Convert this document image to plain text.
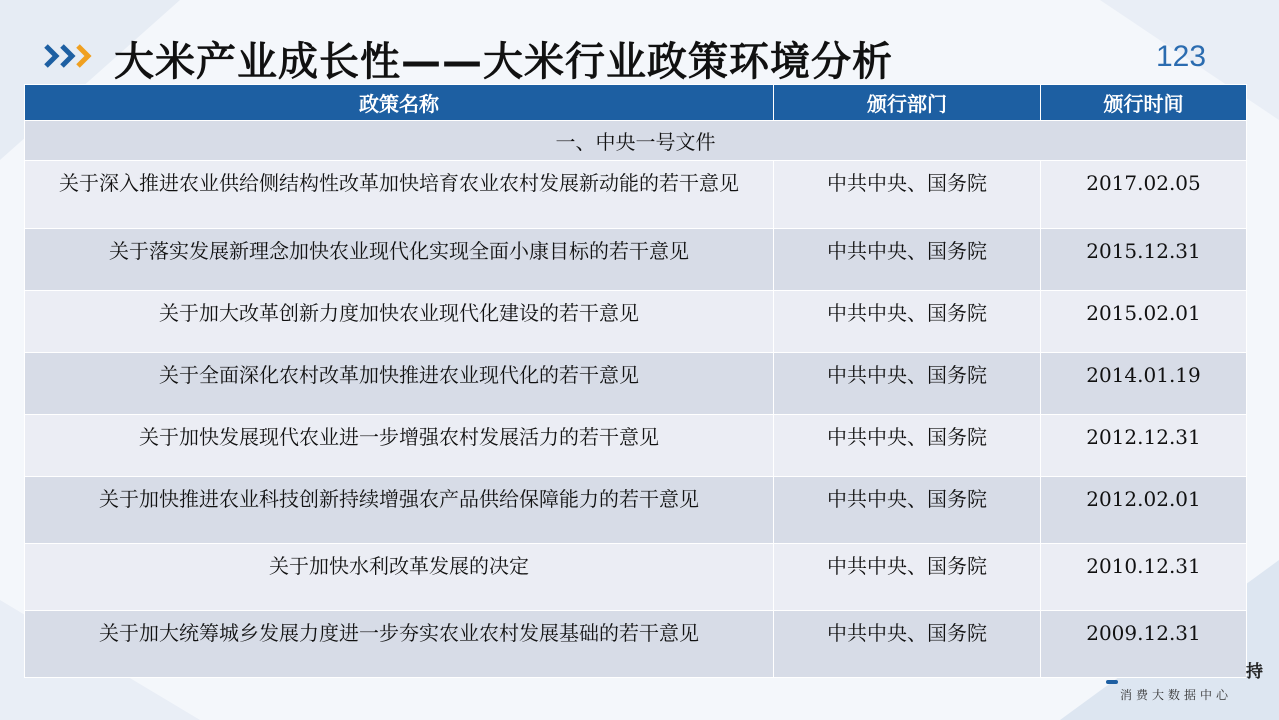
大米产业成长性——大米行业政策环境分析	123
政策名称	颁行部门	颁行时间
一、中央一号文件		
关于深入推进农业供给侧结构性改革加快培育农业农村发展新动能的若干意见	中共中央、国务院	2017.02.05
关于落实发展新理念加快农业现代化实现全面小康目标的若干意见	中共中央、国务院	2015.12.31
关于加大改革创新力度加快农业现代化建设的若干意见	中共中央、国务院	2015.02.01
关于全面深化农村改革加快推进农业现代化的若干意见	中共中央、国务院	2014.01.19
关于加快发展现代农业进一步增强农村发展活力的若干意见	中共中央、国务院	2012.12.31
关于加快推进农业科技创新持续增强农产品供给保障能力的若干意见	中共中央、国务院	2012.02.01
关于加快水利改革发展的决定	中共中央、国务院	2010.12.31
关于加大统筹城乡发展力度进一步夯实农业农村发展基础的若干意见	中共中央、国务院	2009.12.31
持
消费大数据中心
